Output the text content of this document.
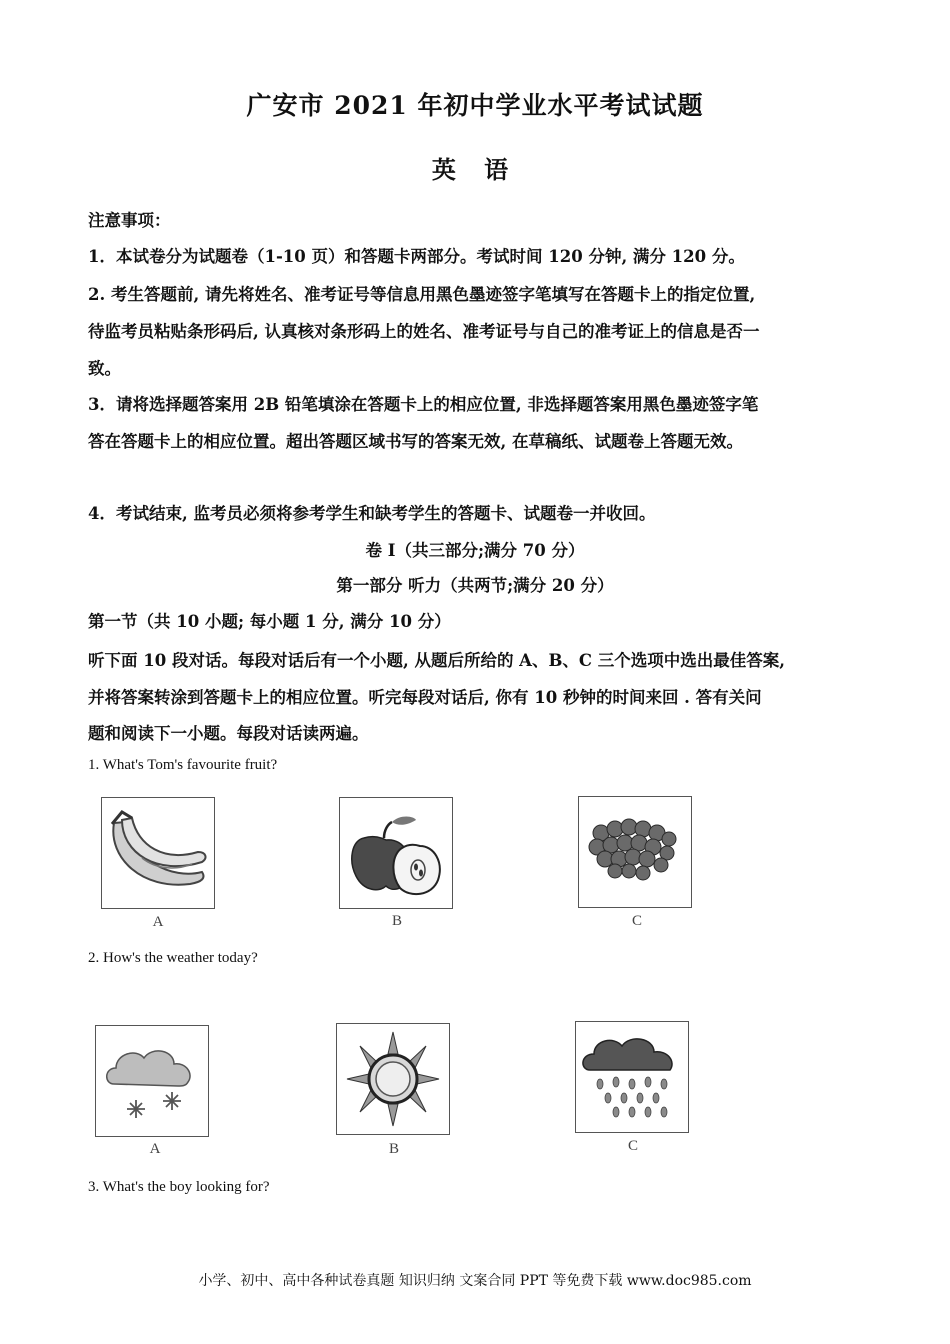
广安市 2021 年初中学业水平考试试题
英 语
注意事项：
1．本试卷分为试题卷（1-10 页）和答题卡两部分。考试时间 120 分钟, 满分 120 分。
2. 考生答题前, 请先将姓名、准考证号等信息用黑色墨迹签字笔填写在答题卡上的指定位置,
待监考员粘贴条形码后, 认真核对条形码上的姓名、准考证号与自己的准考证上的信息是否一
致。
3．请将选择题答案用 2B 铅笔填涂在答题卡上的相应位置, 非选择题答案用黑色墨迹签字笔
答在答题卡上的相应位置。超出答题区域书写的答案无效, 在草稿纸、试题卷上答题无效。
4．考试结束, 监考员必须将参考学生和缺考学生的答题卡、试题卷一并收回。
卷 I（共三部分;满分 70 分）
第一部分 听力（共两节;满分 20 分）
第一节（共 10 小题; 每小题 1 分, 满分 10 分）
听下面 10 段对话。每段对话后有一个小题, 从题后所给的 A、B、C 三个选项中选出最佳答案,
并将答案转涂到答题卡上的相应位置。听完每段对话后, 你有 10 秒钟的时间来回 . 答有关问
题和阅读下一小题。每段对话读两遍。
1. What's Tom's favourite fruit?
A	B	C
2. How's the weather today?
A	B	C
3. What's the boy looking for?
小学、初中、高中各种试卷真题 知识归纳 文案合同 PPT 等免费下载 www.doc985.com
